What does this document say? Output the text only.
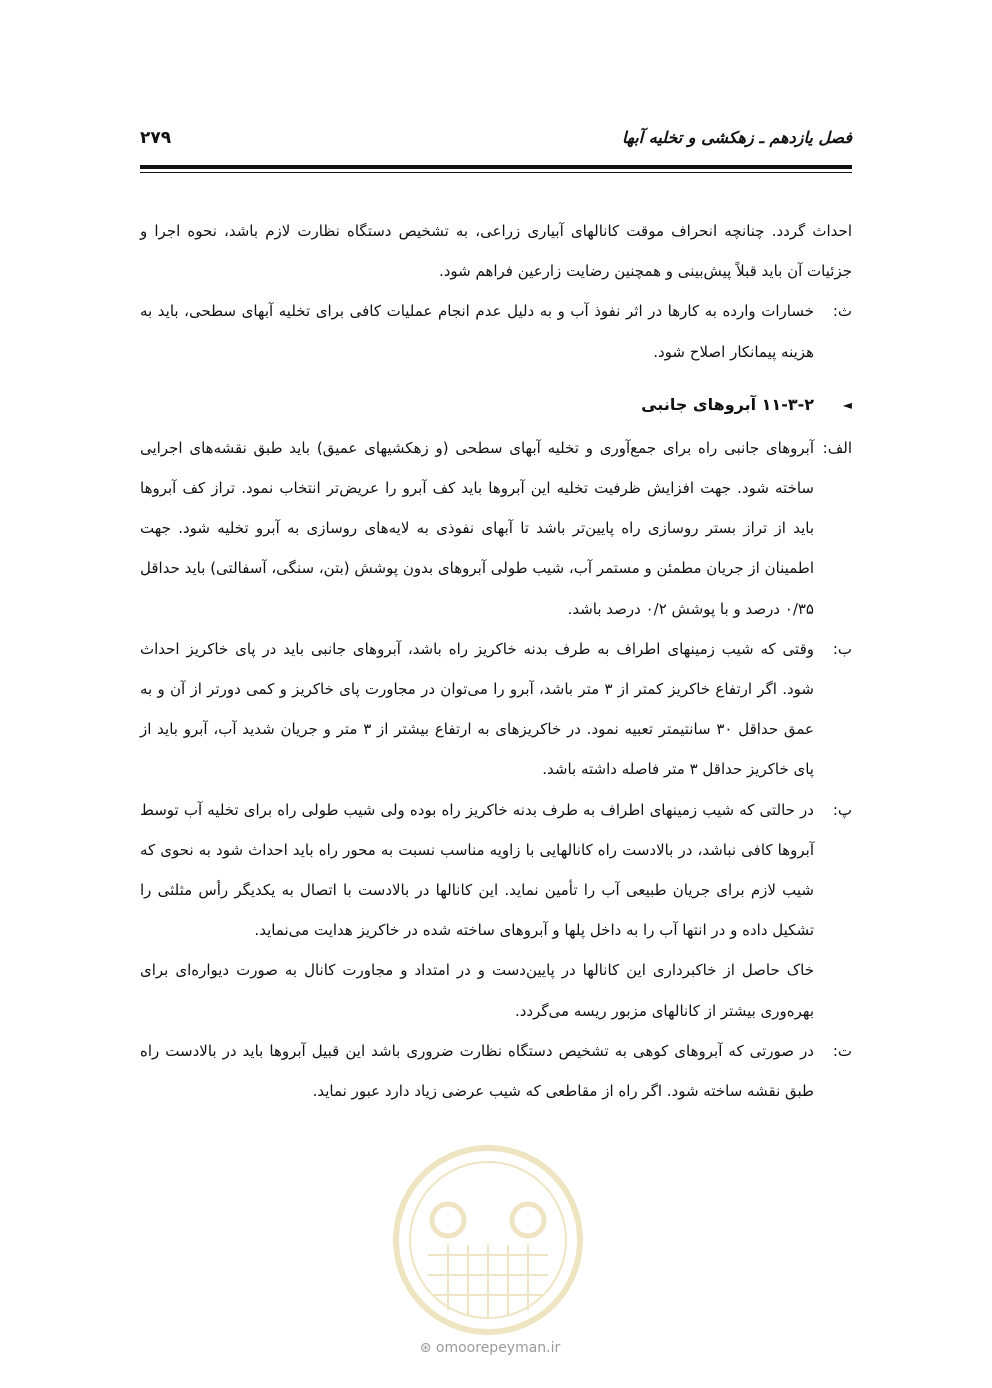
فصل یازدهم ـ زهکشی و تخلیه آبها
۲۷۹

احداث گردد. چنانچه انحراف موقت کانالهای آبیاری زراعی، به تشخیص دستگاه نظارت لازم باشد، نحوه اجرا و جزئیات آن باید قبلاً پیش‌بینی و همچنین رضایت زارعین فراهم شود.

ث:
خسارات وارده به کارها در اثر نفوذ آب و به دلیل عدم انجام عملیات کافی برای تخلیه آبهای سطحی، باید به هزینه پیمانکار اصلاح شود.

◄
۱۱-۳-۲ آبروهای جانبی

الف:
آبروهای جانبی راه برای جمع‌آوری و تخلیه آبهای سطحی (و زهکشیهای عمیق) باید طبق نقشه‌های اجرایی ساخته شود. جهت افزایش ظرفیت تخلیه این آبروها باید کف آبرو را عریض‌تر انتخاب نمود. تراز کف آبروها باید از تراز بستر روسازی راه پایین‌تر باشد تا آبهای نفوذی به لایه‌های روسازی به آبرو تخلیه شود. جهت اطمینان از جریان مطمئن و مستمر آب، شیب طولی آبروهای بدون پوشش (بتن، سنگی، آسفالتی) باید حداقل ۰/۳۵ درصد و با پوشش ۰/۲ درصد باشد.

ب:
وقتی که شیب زمینهای اطراف به طرف بدنه خاکریز راه باشد، آبروهای جانبی باید در پای خاکریز احداث شود. اگر ارتفاع خاکریز کمتر از ۳ متر باشد، آبرو را می‌توان در مجاورت پای خاکریز و کمی دورتر از آن و به عمق حداقل ۳۰ سانتیمتر تعبیه نمود. در خاکریزهای به ارتفاع بیشتر از ۳ متر و جریان شدید آب، آبرو باید از پای خاکریز حداقل ۳ متر فاصله داشته باشد.

پ:
در حالتی که شیب زمینهای اطراف به طرف بدنه خاکریز راه بوده ولی شیب طولی راه برای تخلیه آب توسط آبروها کافی نباشد، در بالادست راه کانالهایی با زاویه مناسب نسبت به محور راه باید احداث شود به نحوی که شیب لازم برای جریان طبیعی آب را تأمین نماید. این کانالها در بالادست با اتصال به یکدیگر رأس مثلثی را تشکیل داده و در انتها آب را به داخل پلها و آبروهای ساخته شده در خاکریز هدایت می‌نماید.

خاک حاصل از خاکبرداری این کانالها در پایین‌دست و در امتداد و مجاورت کانال به صورت دیواره‌ای برای بهره‌وری بیشتر از کانالهای مزبور ریسه می‌گردد.

ت:
در صورتی که آبروهای کوهی به تشخیص دستگاه نظارت ضروری باشد این قبیل آبروها باید در بالادست راه طبق نقشه ساخته شود. اگر راه از مقاطعی که شیب عرضی زیاد دارد عبور نماید.

⊛ omoorepeyman.ir
